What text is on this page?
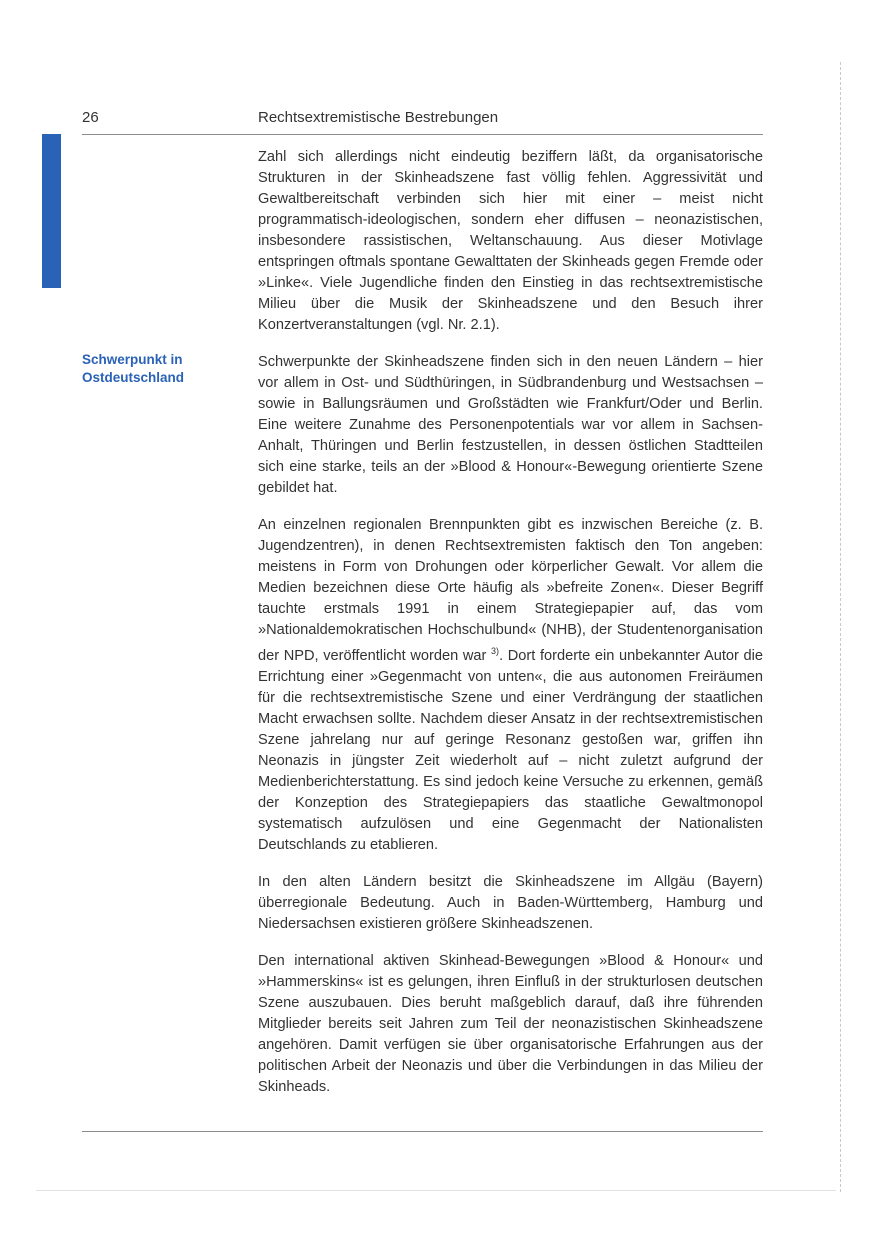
26	Rechtsextremistische Bestrebungen
Schwerpunkt in
Ostdeutschland

Zahl sich allerdings nicht eindeutig beziffern läßt, da organisatorische Strukturen in der Skinheadszene fast völlig fehlen. Aggressivität und Gewaltbereitschaft verbinden sich hier mit einer – meist nicht programmatisch-ideologischen, sondern eher diffusen – neonazistischen, insbesondere rassistischen, Weltanschauung. Aus dieser Motivlage entspringen oftmals spontane Gewalttaten der Skinheads gegen Fremde oder »Linke«. Viele Jugendliche finden den Einstieg in das rechtsextremistische Milieu über die Musik der Skinheadszene und den Besuch ihrer Konzertveranstaltungen (vgl. Nr. 2.1).

Schwerpunkte der Skinheadszene finden sich in den neuen Ländern – hier vor allem in Ost- und Südthüringen, in Südbrandenburg und Westsachsen – sowie in Ballungsräumen und Großstädten wie Frankfurt/Oder und Berlin. Eine weitere Zunahme des Personenpotentials war vor allem in Sachsen-Anhalt, Thüringen und Berlin festzustellen, in dessen östlichen Stadtteilen sich eine starke, teils an der »Blood & Honour«-Bewegung orientierte Szene gebildet hat.

An einzelnen regionalen Brennpunkten gibt es inzwischen Bereiche (z. B. Jugendzentren), in denen Rechtsextremisten faktisch den Ton angeben: meistens in Form von Drohungen oder körperlicher Gewalt. Vor allem die Medien bezeichnen diese Orte häufig als »befreite Zonen«. Dieser Begriff tauchte erstmals 1991 in einem Strategiepapier auf, das vom »Nationaldemokratischen Hochschulbund« (NHB), der Studentenorganisation der NPD, veröffentlicht worden war $^{3)}$. Dort forderte ein unbekannter Autor die Errichtung einer »Gegenmacht von unten«, die aus autonomen Freiräumen für die rechtsextremistische Szene und einer Verdrängung der staatlichen Macht erwachsen sollte. Nachdem dieser Ansatz in der rechtsextremistischen Szene jahrelang nur auf geringe Resonanz gestoßen war, griffen ihn Neonazis in jüngster Zeit wiederholt auf – nicht zuletzt aufgrund der Medienberichterstattung. Es sind jedoch keine Versuche zu erkennen, gemäß der Konzeption des Strategiepapiers das staatliche Gewaltmonopol systematisch aufzulösen und eine Gegenmacht der Nationalisten Deutschlands zu etablieren.

In den alten Ländern besitzt die Skinheadszene im Allgäu (Bayern) überregionale Bedeutung. Auch in Baden-Württemberg, Hamburg und Niedersachsen existieren größere Skinheadszenen.

Den international aktiven Skinhead-Bewegungen »Blood & Honour« und »Hammerskins« ist es gelungen, ihren Einfluß in der strukturlosen deutschen Szene auszubauen. Dies beruht maßgeblich darauf, daß ihre führenden Mitglieder bereits seit Jahren zum Teil der neonazistischen Skinheadszene angehören. Damit verfügen sie über organisatorische Erfahrungen aus der politischen Arbeit der Neonazis und über die Verbindungen in das Milieu der Skinheads.
